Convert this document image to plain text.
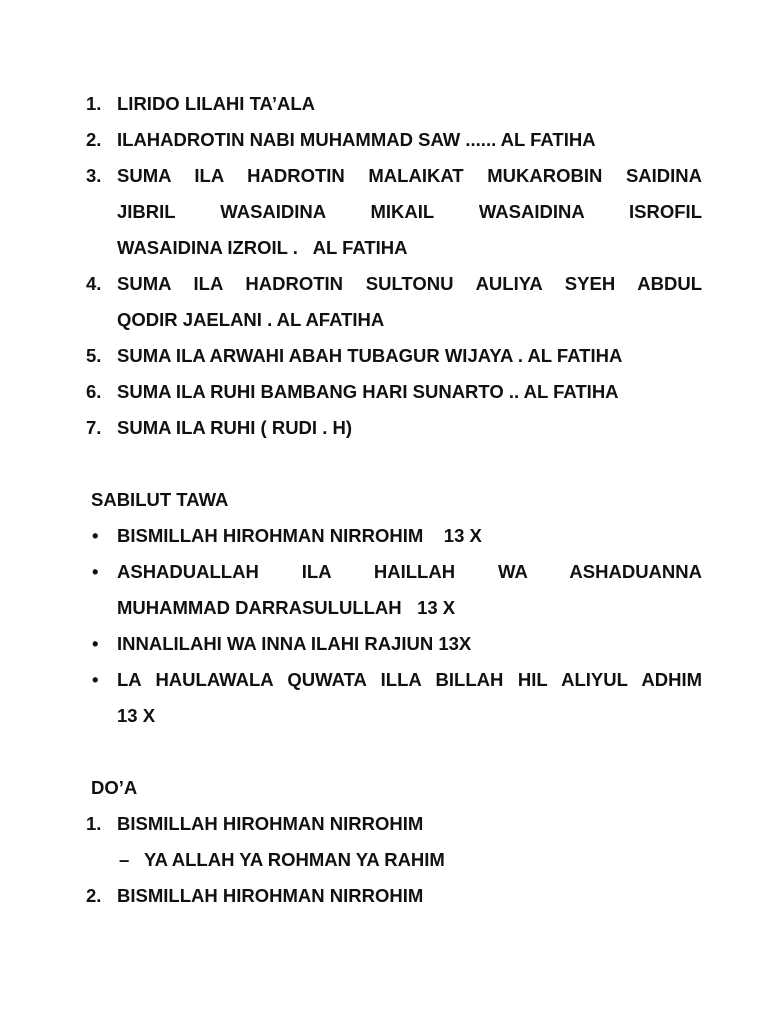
1. LIRIDO LILAHI TA’ALA
2. ILAHADROTIN NABI MUHAMMAD SAW ...... AL FATIHA
3. SUMA ILA HADROTIN MALAIKAT MUKAROBIN SAIDINA
JIBRIL WASAIDINA MIKAIL WASAIDINA ISROFIL
WASAIDINA IZROIL .   AL FATIHA
4. SUMA ILA HADROTIN SULTONU AULIYA SYEH ABDUL
QODIR JAELANI . AL AFATIHA
5. SUMA ILA ARWAHI ABAH TUBAGUR WIJAYA . AL FATIHA
6. SUMA ILA RUHI BAMBANG HARI SUNARTO .. AL FATIHA
7. SUMA ILA RUHI ( RUDI . H)
SABILUT TAWA
•	BISMILLAH HIROHMAN NIRROHIM    13 X
•	ASHADUALLAH ILA HAILLAH WA ASHADUANNA
MUHAMMAD DARRASULULLAH   13 X
•	INNALILAHI WA INNA ILAHI RAJIUN 13X
•	LA HAULAWALA QUWATA ILLA BILLAH HIL ALIYUL ADHIM
13 X
DO’A
1. BISMILLAH HIROHMAN NIRROHIM
– YA ALLAH YA ROHMAN YA RAHIM
2. BISMILLAH HIROHMAN NIRROHIM
